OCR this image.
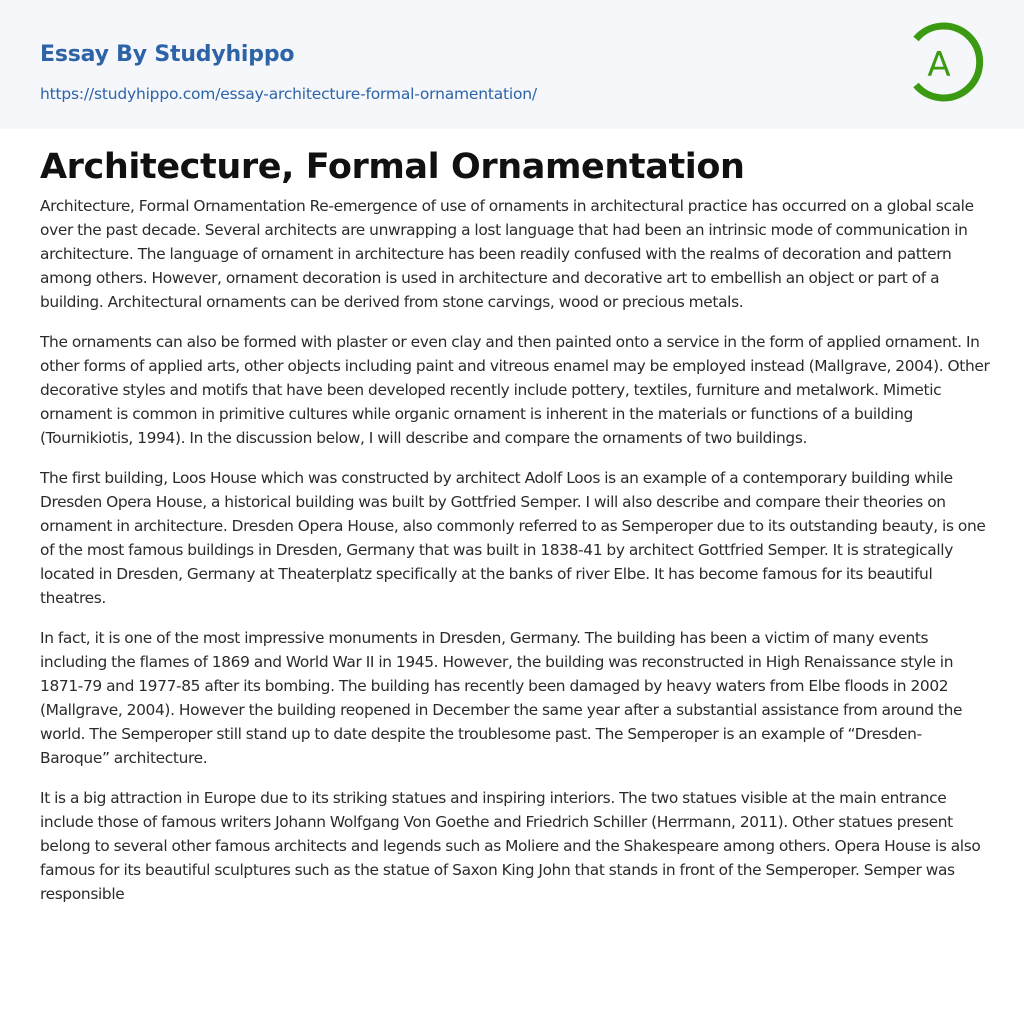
Essay By Studyhippo
https://studyhippo.com/essay-architecture-formal-ornamentation/
A
Architecture, Formal Ornamentation

Architecture, Formal Ornamentation Re-emergence of use of ornaments in architectural practice has occurred on a global scale over the past decade. Several architects are unwrapping a lost language that had been an intrinsic mode of communication in architecture. The language of ornament in architecture has been readily confused with the realms of decoration and pattern among others. However, ornament decoration is used in architecture and decorative art to embellish an object or part of a building. Architectural ornaments can be derived from stone carvings, wood or precious metals.

The ornaments can also be formed with plaster or even clay and then painted onto a service in the form of applied ornament. In other forms of applied arts, other objects including paint and vitreous enamel may be employed instead (Mallgrave, 2004). Other decorative styles and motifs that have been developed recently include pottery, textiles, furniture and metalwork. Mimetic ornament is common in primitive cultures while organic ornament is inherent in the materials or functions of a building (Tournikiotis, 1994). In the discussion below, I will describe and compare the ornaments of two buildings.

The first building, Loos House which was constructed by architect Adolf Loos is an example of a contemporary building while Dresden Opera House, a historical building was built by Gottfried Semper. I will also describe and compare their theories on ornament in architecture. Dresden Opera House, also commonly referred to as Semperoper due to its outstanding beauty, is one of the most famous buildings in Dresden, Germany that was built in 1838-41 by architect Gottfried Semper. It is strategically located in Dresden, Germany at Theaterplatz specifically at the banks of river Elbe. It has become famous for its beautiful theatres.

In fact, it is one of the most impressive monuments in Dresden, Germany. The building has been a victim of many events including the flames of 1869 and World War II in 1945. However, the building was reconstructed in High Renaissance style in 1871-79 and 1977-85 after its bombing. The building has recently been damaged by heavy waters from Elbe floods in 2002 (Mallgrave, 2004). However the building reopened in December the same year after a substantial assistance from around the world. The Semperoper still stand up to date despite the troublesome past. The Semperoper is an example of “Dresden-Baroque” architecture.

It is a big attraction in Europe due to its striking statues and inspiring interiors. The two statues visible at the main entrance include those of famous writers Johann Wolfgang Von Goethe and Friedrich Schiller (Herrmann, 2011). Other statues present belong to several other famous architects and legends such as Moliere and the Shakespeare among others. Opera House is also famous for its beautiful sculptures such as the statue of Saxon King John that stands in front of the Semperoper. Semper was responsible
